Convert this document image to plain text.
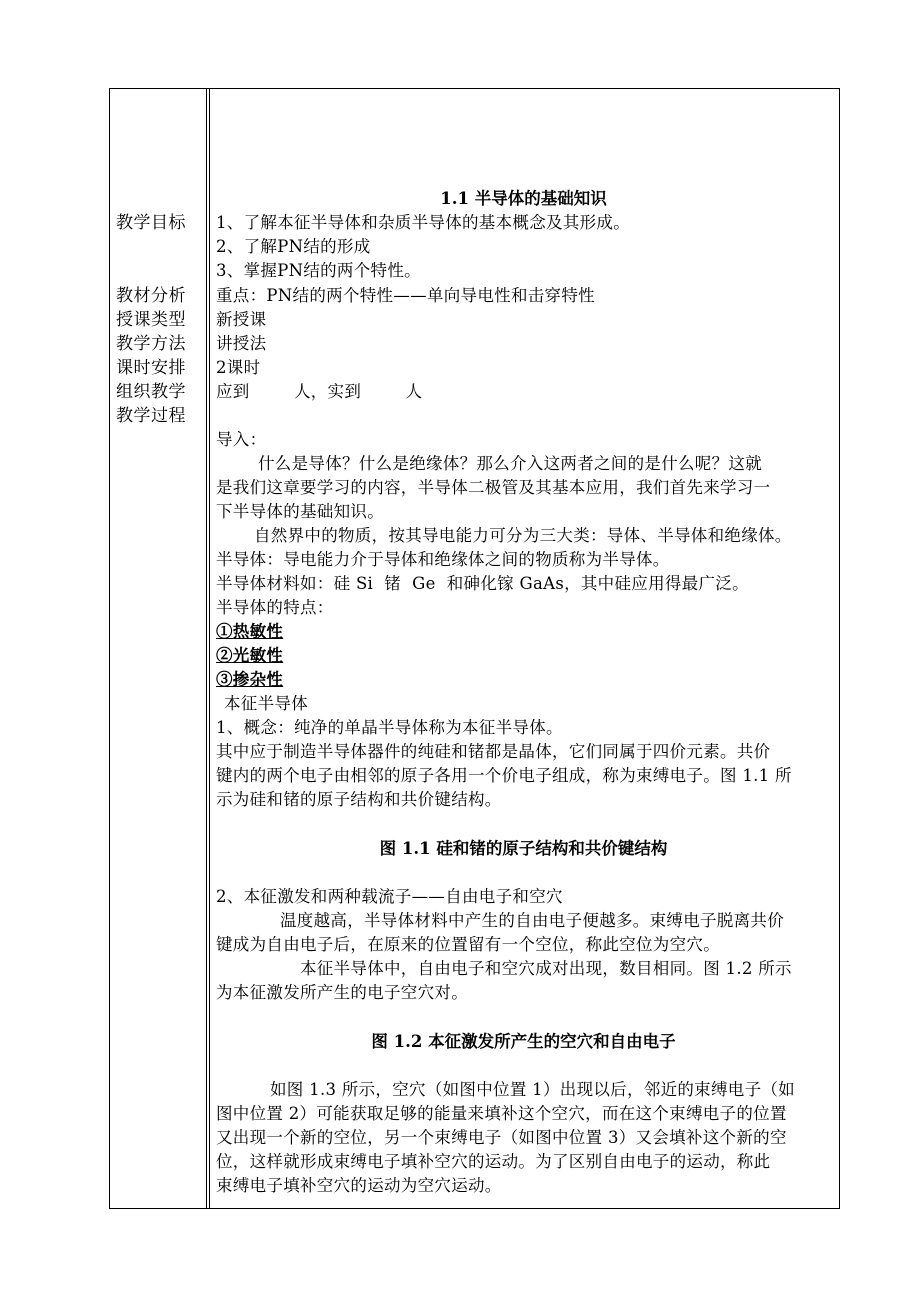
1.1 半导体的基础知识
教学目标
教材分析
授课类型
教学方法
课时安排
组织教学
教学过程
1、了解本征半导体和杂质半导体的基本概念及其形成。
2、了解PN结的形成
3、掌握PN结的两个特性。
重点：PN结的两个特性——单向导电性和击穿特性
新授课
讲授法
2课时
应到        人，实到        人
导入：
什么是导体？什么是绝缘体？那么介入这两者之间的是什么呢？这就
是我们这章要学习的内容，半导体二极管及其基本应用，我们首先来学习一
下半导体的基础知识。
自然界中的物质，按其导电能力可分为三大类：导体、半导体和绝缘体。
半导体：导电能力介于导体和绝缘体之间的物质称为半导体。
半导体材料如：硅 Si  锗  Ge  和砷化镓 GaAs，其中硅应用得最广泛。
半导体的特点：
①热敏性
②光敏性
③掺杂性
本征半导体
1、概念：纯净的单晶半导体称为本征半导体。
其中应于制造半导体器件的纯硅和锗都是晶体，它们同属于四价元素。共价
键内的两个电子由相邻的原子各用一个价电子组成，称为束缚电子。图 1.1 所
示为硅和锗的原子结构和共价键结构。
图 1.1 硅和锗的原子结构和共价键结构
2、本征激发和两种载流子——自由电子和空穴
温度越高，半导体材料中产生的自由电子便越多。束缚电子脱离共价
键成为自由电子后，在原来的位置留有一个空位，称此空位为空穴。
本征半导体中，自由电子和空穴成对出现，数目相同。图 1.2 所示
为本征激发所产生的电子空穴对。
图 1.2 本征激发所产生的空穴和自由电子
如图 1.3 所示，空穴（如图中位置 1）出现以后，邻近的束缚电子（如
图中位置 2）可能获取足够的能量来填补这个空穴，而在这个束缚电子的位置
又出现一个新的空位，另一个束缚电子（如图中位置 3）又会填补这个新的空
位，这样就形成束缚电子填补空穴的运动。为了区别自由电子的运动，称此
束缚电子填补空穴的运动为空穴运动。
